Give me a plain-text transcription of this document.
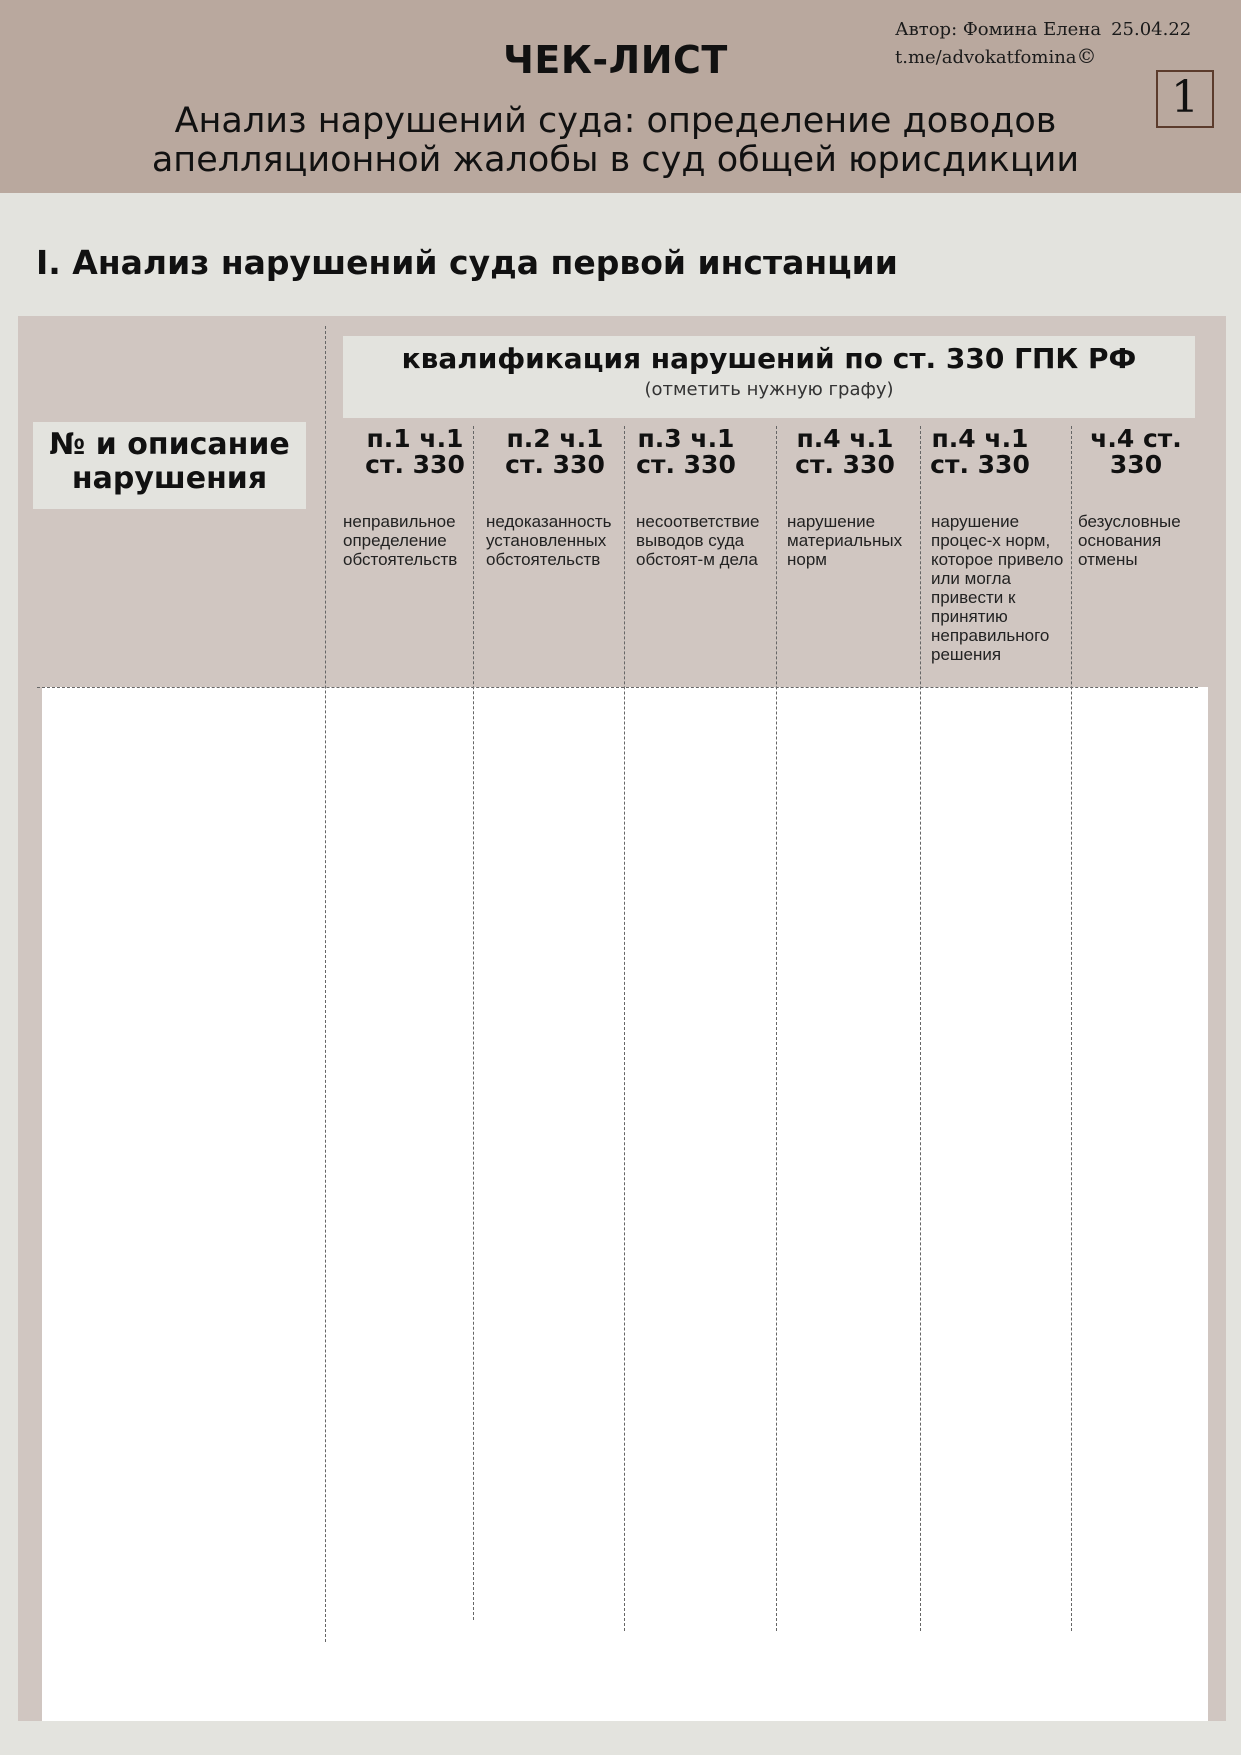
ЧЕК-ЛИСТ
Анализ нарушений суда: определение доводов апелляционной жалобы в суд общей юрисдикции
Автор: Фомина Елена 25.04.22
t.me/advokatfomina©
1
I. Анализ нарушений суда первой инстанции
квалификация нарушений по ст. 330 ГПК РФ
(отметить нужную графу)
№ и описание нарушения
п.1 ч.1 ст. 330
п.2 ч.1 ст. 330
п.3 ч.1 ст. 330
п.4 ч.1 ст. 330
п.4 ч.1 ст. 330
ч.4 ст. 330
неправильное определение обстоятельств
недоказанность установленных обстоятельств
несоответствие выводов суда обстоят-м дела
нарушение материальных норм
нарушение процес-х норм, которое привело или могла привести к принятию неправильного решения
безусловные основания отмены
